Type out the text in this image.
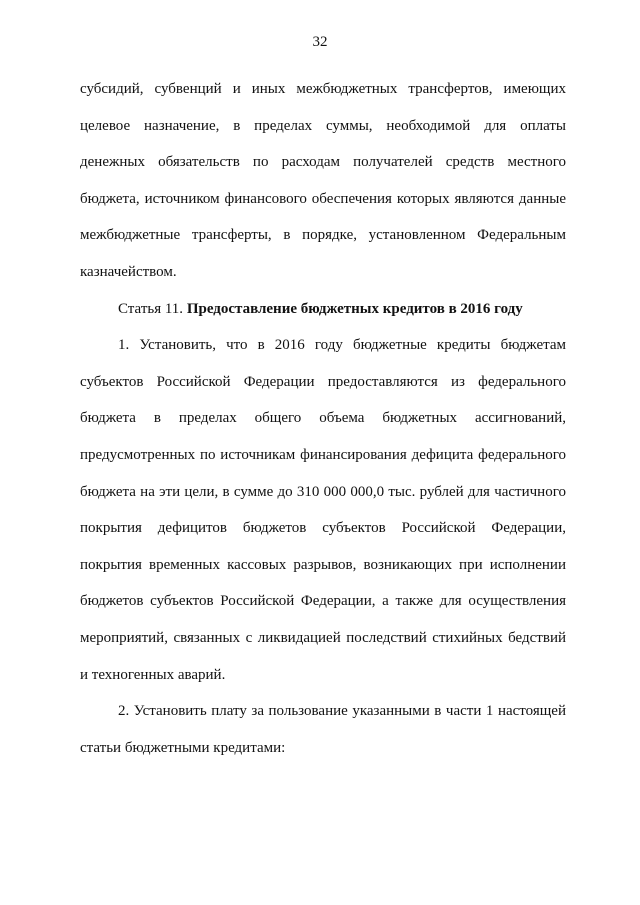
32

субсидий, субвенций и иных межбюджетных трансфертов, имеющих
целевое назначение, в пределах суммы, необходимой для оплаты
денежных обязательств по расходам получателей средств местного
бюджета, источником финансового обеспечения которых являются данные
межбюджетные трансферты, в порядке, установленном Федеральным
казначейством.

Статья 11. Предоставление бюджетных кредитов в 2016 году

1. Установить, что в 2016 году бюджетные кредиты бюджетам
субъектов Российской Федерации предоставляются из федерального
бюджета в пределах общего объема бюджетных ассигнований,
предусмотренных по источникам финансирования дефицита федерального
бюджета на эти цели, в сумме до 310 000 000,0 тыс. рублей для частичного
покрытия дефицитов бюджетов субъектов Российской Федерации,
покрытия временных кассовых разрывов, возникающих при исполнении
бюджетов субъектов Российской Федерации, а также для осуществления
мероприятий, связанных с ликвидацией последствий стихийных бедствий
и техногенных аварий.

2. Установить плату за пользование указанными в части 1 настоящей
статьи бюджетными кредитами:
